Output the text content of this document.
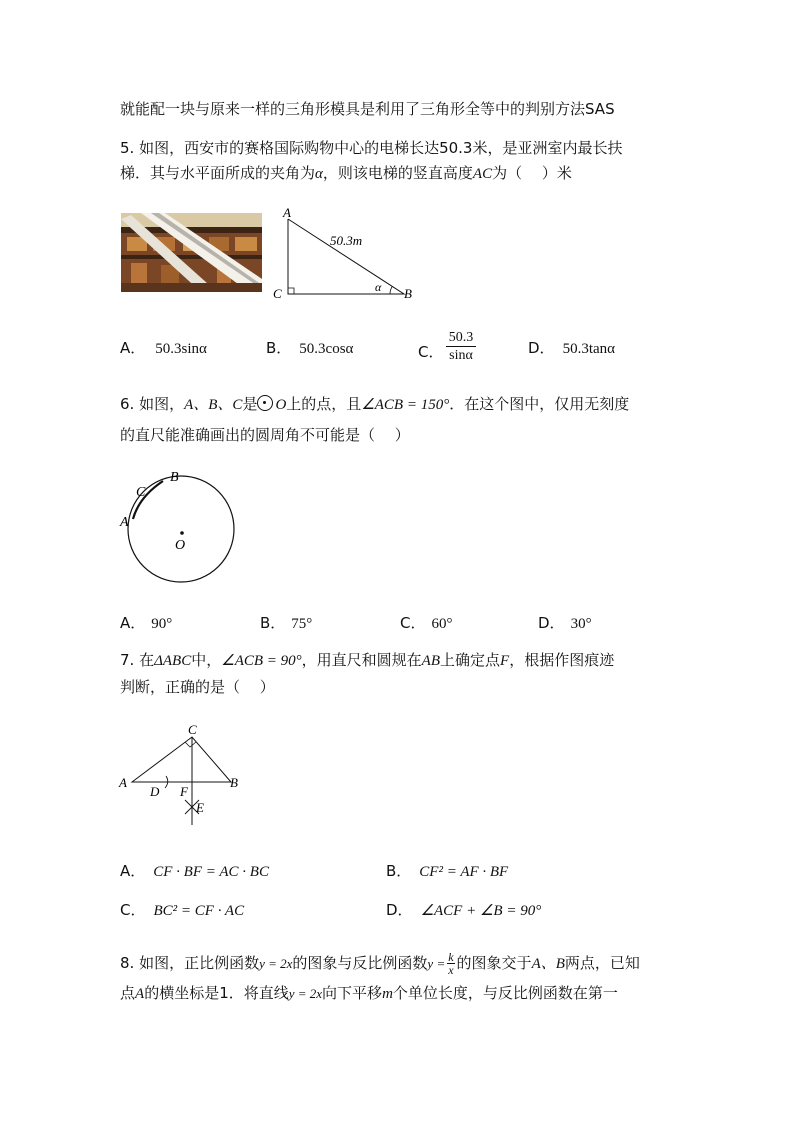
就能配一块与原来一样的三角形模具是利用了三角形全等中的判别方法SAS
5. 如图，西安市的赛格国际购物中心的电梯长达50.3米，是亚洲室内最长扶
梯．其与水平面所成的夹角为α，则该电梯的竖直高度AC为（　 ）米
A
C	B
α
50.3m
A． 50.3sinα	B． 50.3cosα	C．
50.3
sinα	D． 50.3tanα
6. 如图，A、B、C是 O上的点，且∠ACB = 150°．在这个图中，仅用无刻度
的直尺能准确画出的圆周角不可能是（　 ）
O
B
C
A
A． 90°	B． 75°	C． 60°	D． 30°
7. 在ΔABC中，∠ACB = 90°，用直尺和圆规在AB上确定点F，根据作图痕迹
判断，正确的是（　 ）
C
A	B
D F
E
A． CF · BF = AC · BC	B． CF² = AF · BF
C． BC² = CF · AC	D． ∠ACF + ∠B = 90°
8. 如图，正比例函数y = 2x的图象与反比例函数$y = \frac{k}{x}$ 的图象交于A、B两点，已知
点A的横坐标是1．将直线y = 2x向下平移m个单位长度，与反比例函数在第一
